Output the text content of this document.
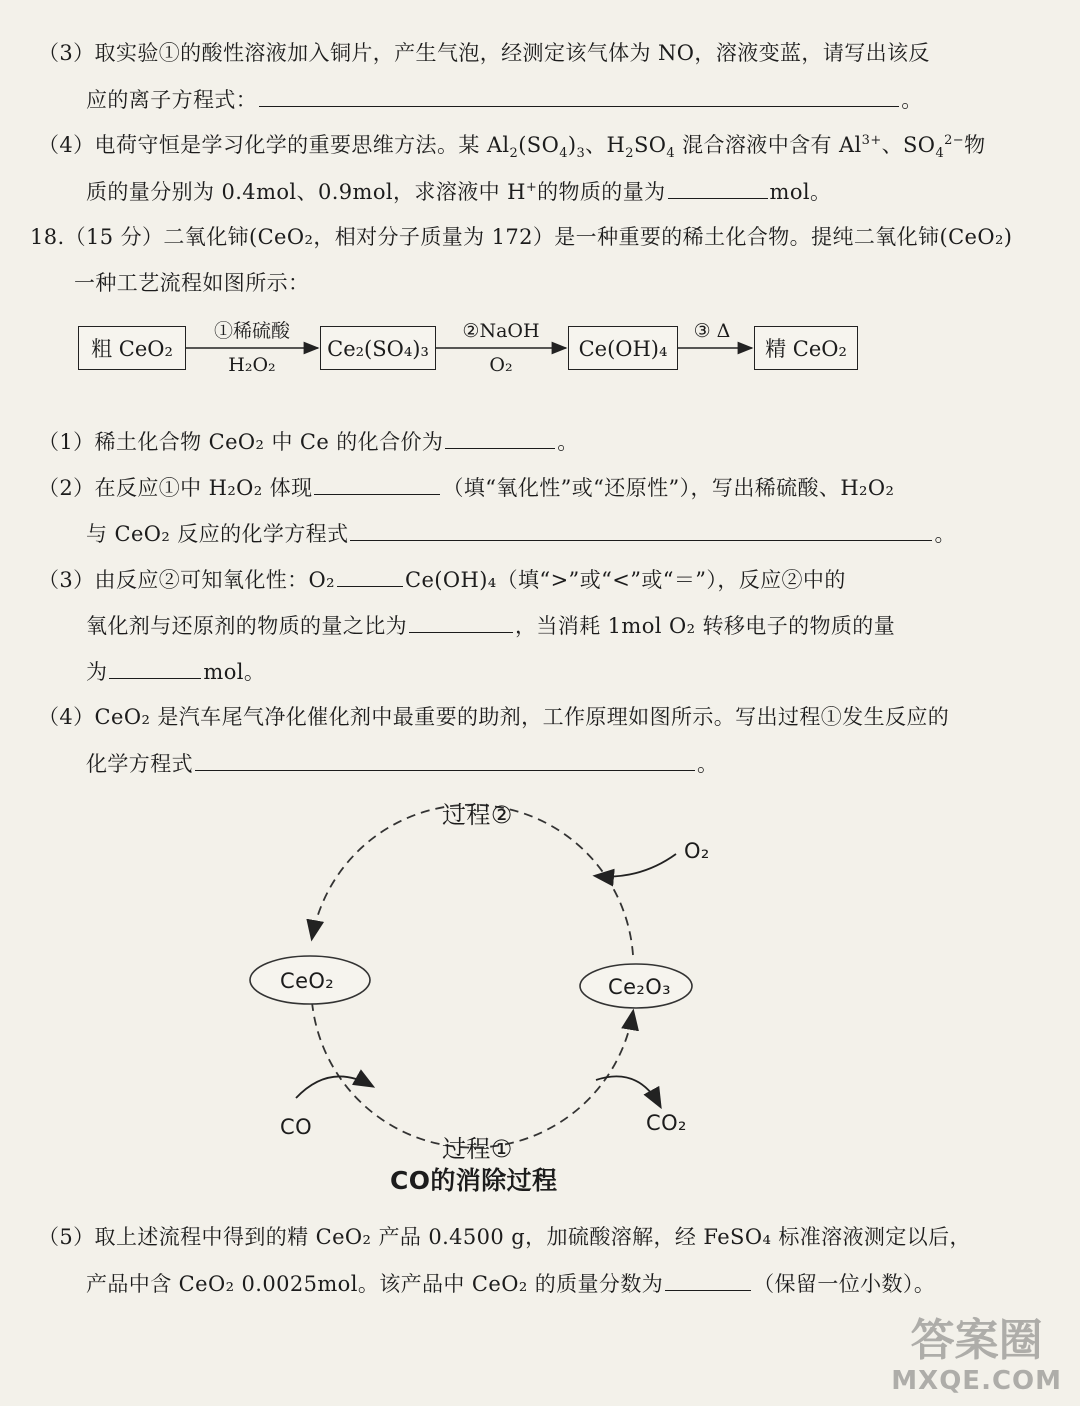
（3）取实验①的酸性溶液加入铜片，产生气泡，经测定该气体为 NO，溶液变蓝，请写出该反
应的离子方程式：	。
（4）电荷守恒是学习化学的重要思维方法。某 $Al_2(SO_4)_3$、$H_2SO_4$ 混合溶液中含有 $Al^{3+}$、$SO_4^{2-}$物
质的量分别为 0.4mol、0.9mol，求溶液中 H+的物质的量为	mol。
18.（15 分）二氧化铈(CeO₂，相对分子质量为 172）是一种重要的稀土化合物。提纯二氧化铈(CeO₂)
一种工艺流程如图所示：
粗 CeO₂	Ce₂(SO₄)₃	Ce(OH)₄	精 CeO₂
①稀硫酸
H₂O₂
②NaOH
O₂
③ Δ
（1）稀土化合物 CeO₂ 中 Ce 的化合价为	。
（2）在反应①中 H₂O₂ 体现	（填“氧化性”或“还原性”），写出稀硫酸、H₂O₂
与 CeO₂ 反应的化学方程式	。
（3）由反应②可知氧化性：O₂	Ce(OH)₄（填“>”或“<”或“＝”），反应②中的
氧化剂与还原剂的物质的量之比为	，当消耗 1mol O₂ 转移电子的物质的量
为	mol。
（4）CeO₂ 是汽车尾气净化催化剂中最重要的助剂，工作原理如图所示。写出过程①发生反应的
化学方程式	。
过程②
O₂
CeO₂	Ce₂O₃
CO	CO₂
过程①
CO的消除过程
（5）取上述流程中得到的精 CeO₂ 产品 0.4500 g，加硫酸溶解，经 FeSO₄ 标准溶液测定以后，
产品中含 CeO₂ 0.0025mol。该产品中 CeO₂ 的质量分数为	（保留一位小数）。
答案圈
MXQE.COM
